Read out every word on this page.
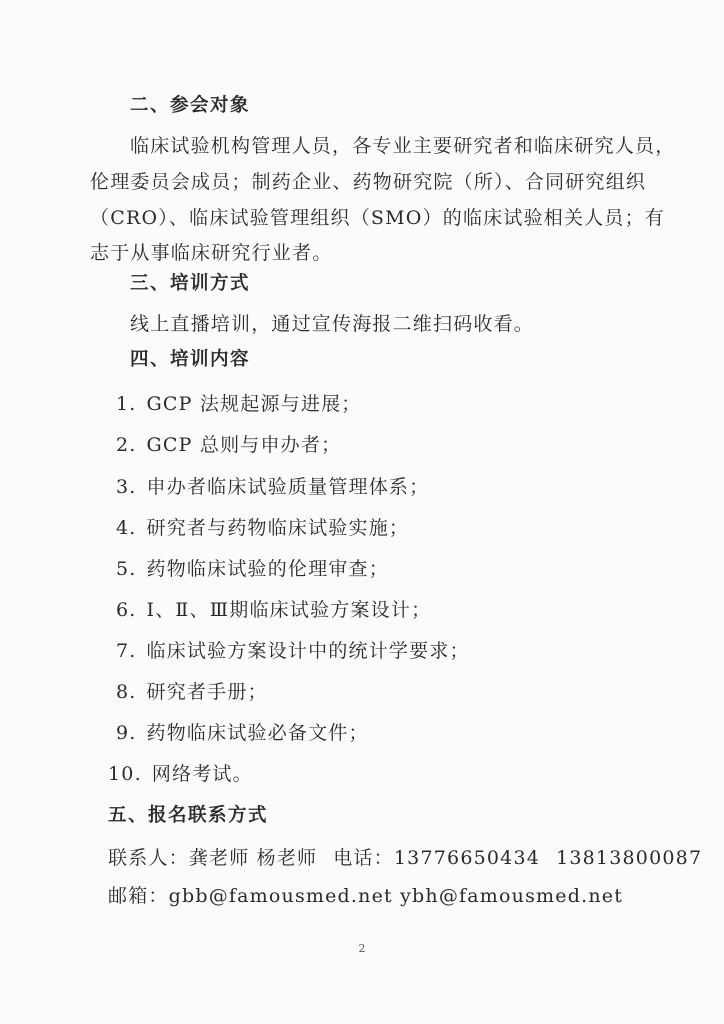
二、参会对象
临床试验机构管理人员，各专业主要研究者和临床研究人员，
伦理委员会成员；制药企业、药物研究院（所）、合同研究组织
（CRO）、临床试验管理组织（SMO）的临床试验相关人员；有
志于从事临床研究行业者。
三、培训方式
线上直播培训，通过宣传海报二维扫码收看。
四、培训内容
1. GCP 法规起源与进展；
2. GCP 总则与申办者；
3. 申办者临床试验质量管理体系；
4. 研究者与药物临床试验实施；
5. 药物临床试验的伦理审查；
6. Ⅰ、Ⅱ、Ⅲ期临床试验方案设计；
7. 临床试验方案设计中的统计学要求；
8. 研究者手册；
9. 药物临床试验必备文件；
10. 网络考试。
五、报名联系方式
联系人：龚老师 杨老师 电话：13776650434 13813800087
邮箱：gbb@famousmed.net ybh@famousmed.net
2
